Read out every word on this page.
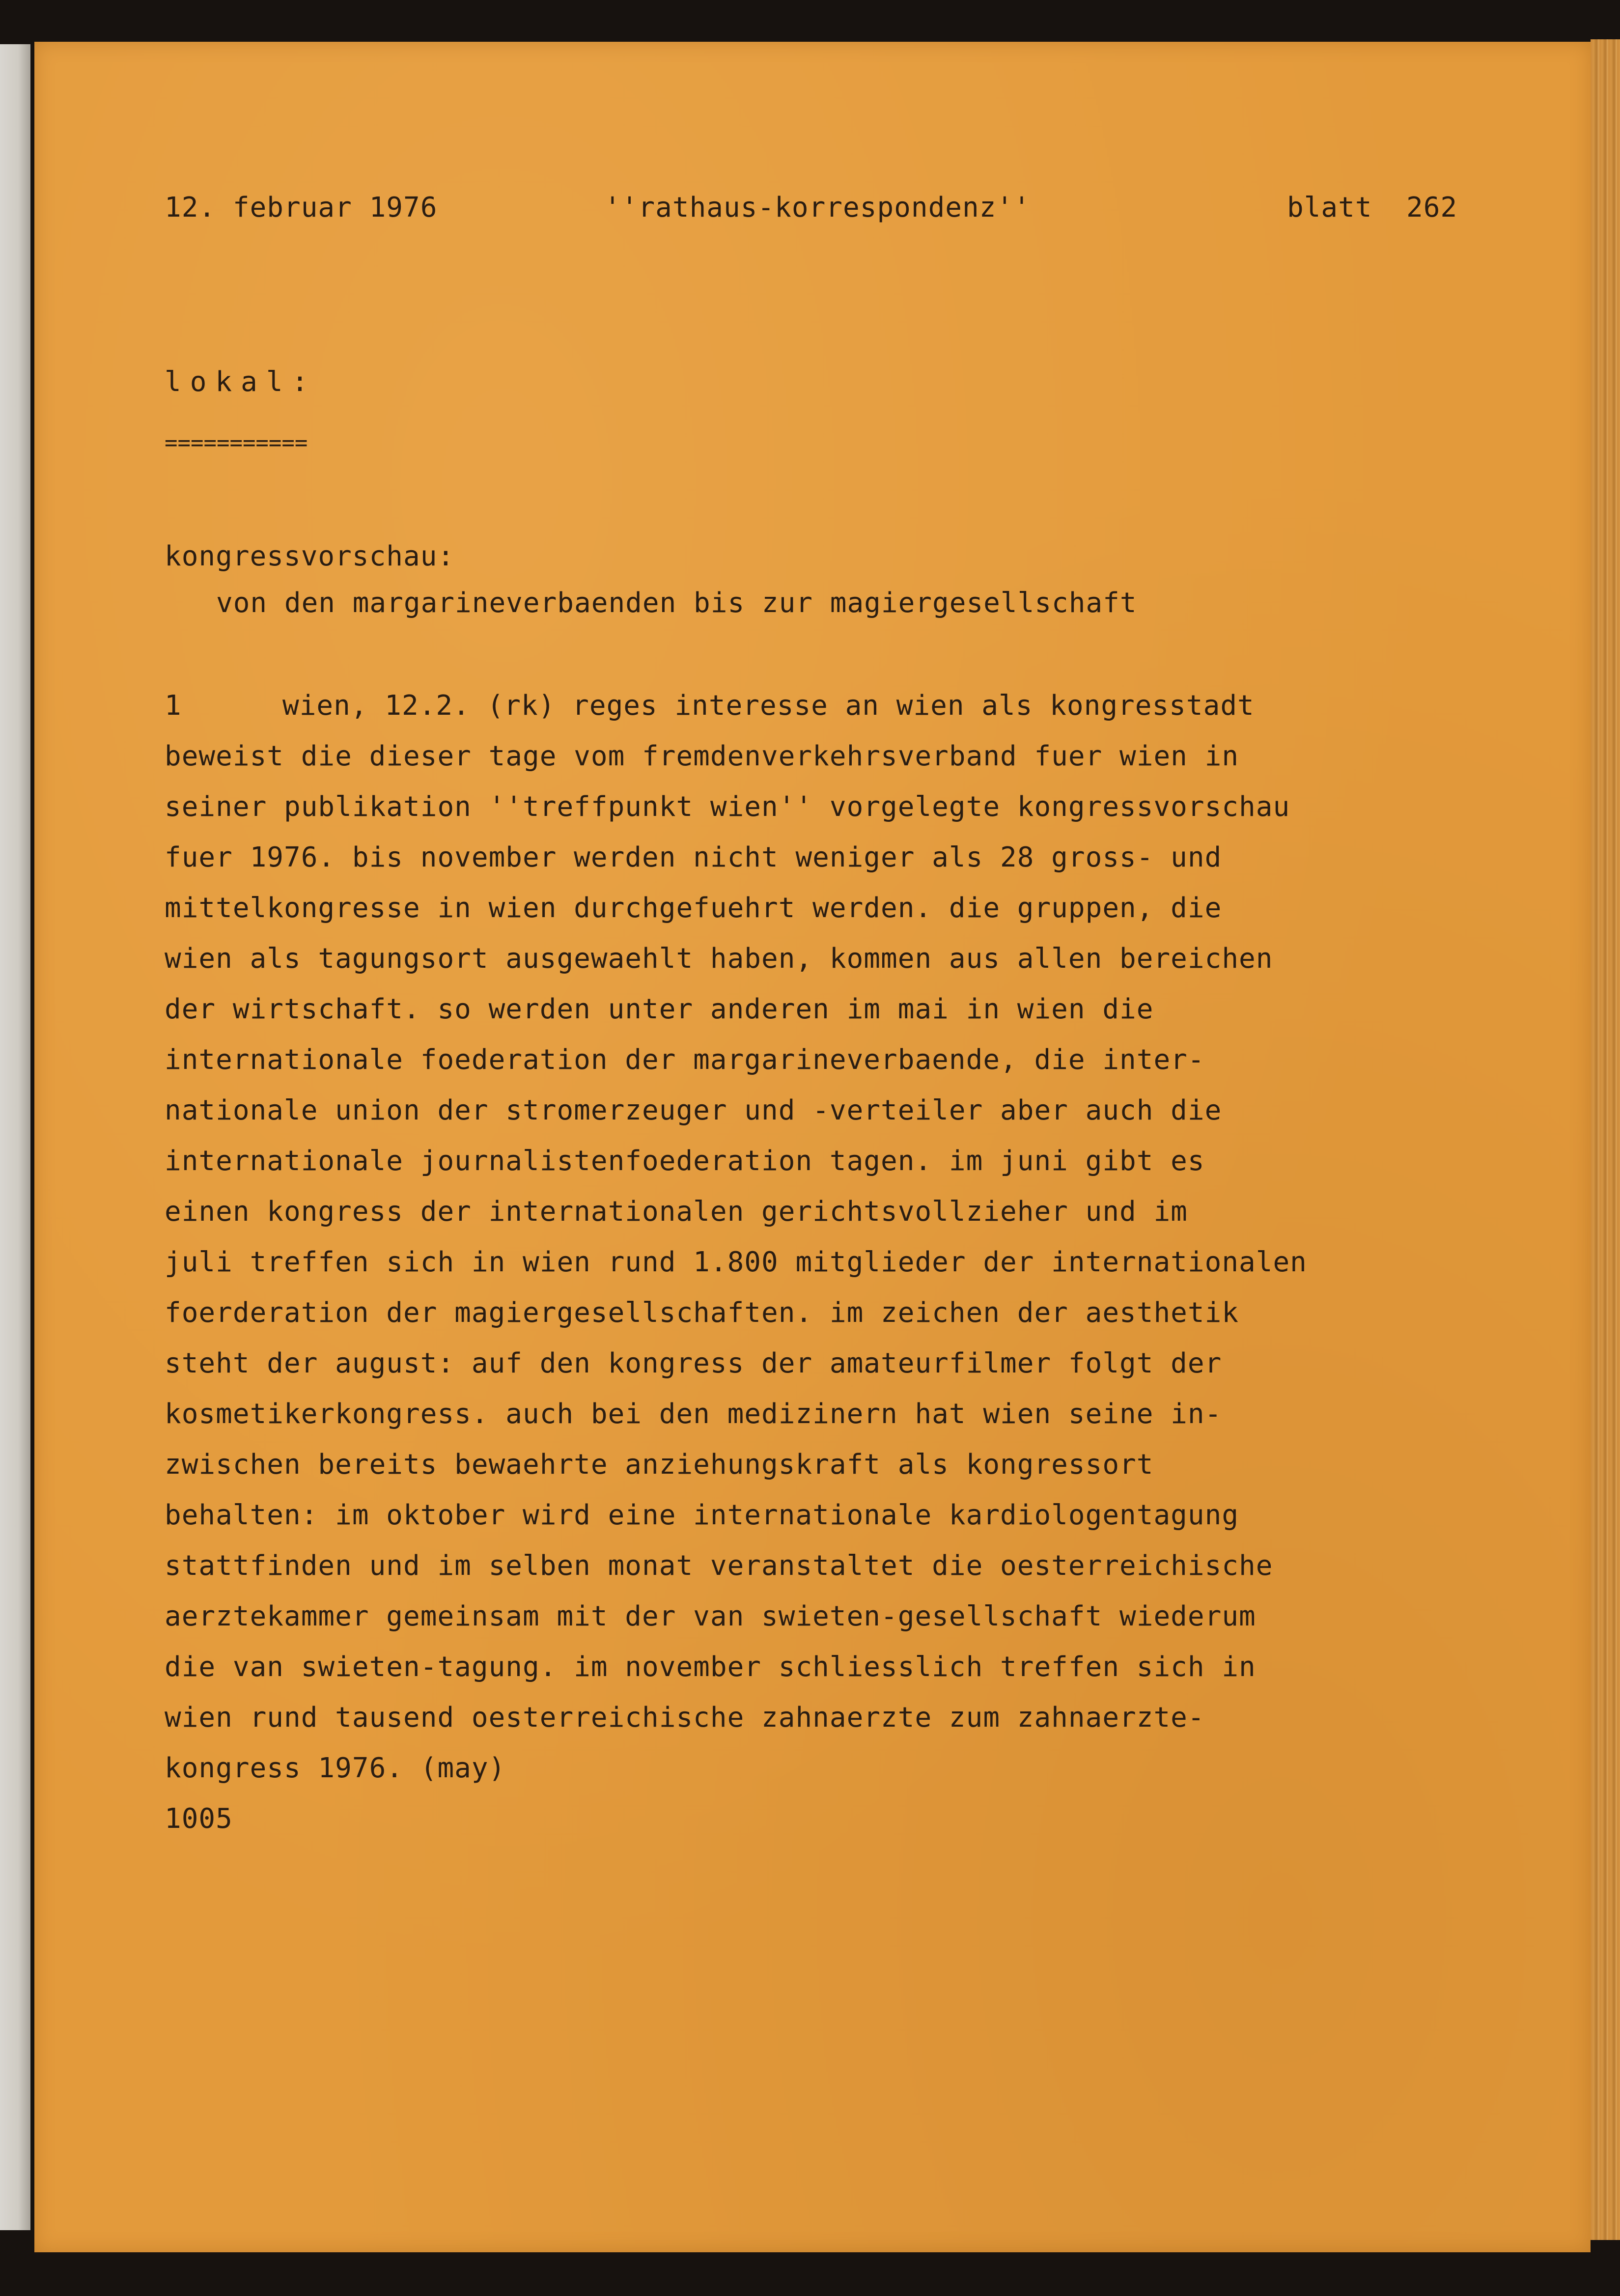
12. februar 1976	''rathaus-korrespondenz''	blatt  262
lokal:
===========
kongressvorschau:
von den margarineverbaenden bis zur magiergesellschaft
1	wien, 12.2. (rk) reges interesse an wien als kongresstadt
beweist die dieser tage vom fremdenverkehrsverband fuer wien in
seiner publikation ''treffpunkt wien'' vorgelegte kongressvorschau
fuer 1976. bis november werden nicht weniger als 28 gross- und
mittelkongresse in wien durchgefuehrt werden. die gruppen, die
wien als tagungsort ausgewaehlt haben, kommen aus allen bereichen
der wirtschaft. so werden unter anderen im mai in wien die
internationale foederation der margarineverbaende, die inter-
nationale union der stromerzeuger und -verteiler aber auch die
internationale journalistenfoederation tagen. im juni gibt es
einen kongress der internationalen gerichtsvollzieher und im
juli treffen sich in wien rund 1.800 mitglieder der internationalen
foerderation der magiergesellschaften. im zeichen der aesthetik
steht der august: auf den kongress der amateurfilmer folgt der
kosmetikerkongress. auch bei den medizinern hat wien seine in-
zwischen bereits bewaehrte anziehungskraft als kongressort
behalten: im oktober wird eine internationale kardiologentagung
stattfinden und im selben monat veranstaltet die oesterreichische
aerztekammer gemeinsam mit der van swieten-gesellschaft wiederum
die van swieten-tagung. im november schliesslich treffen sich in
wien rund tausend oesterreichische zahnaerzte zum zahnaerzte-
kongress 1976. (may)
1005
